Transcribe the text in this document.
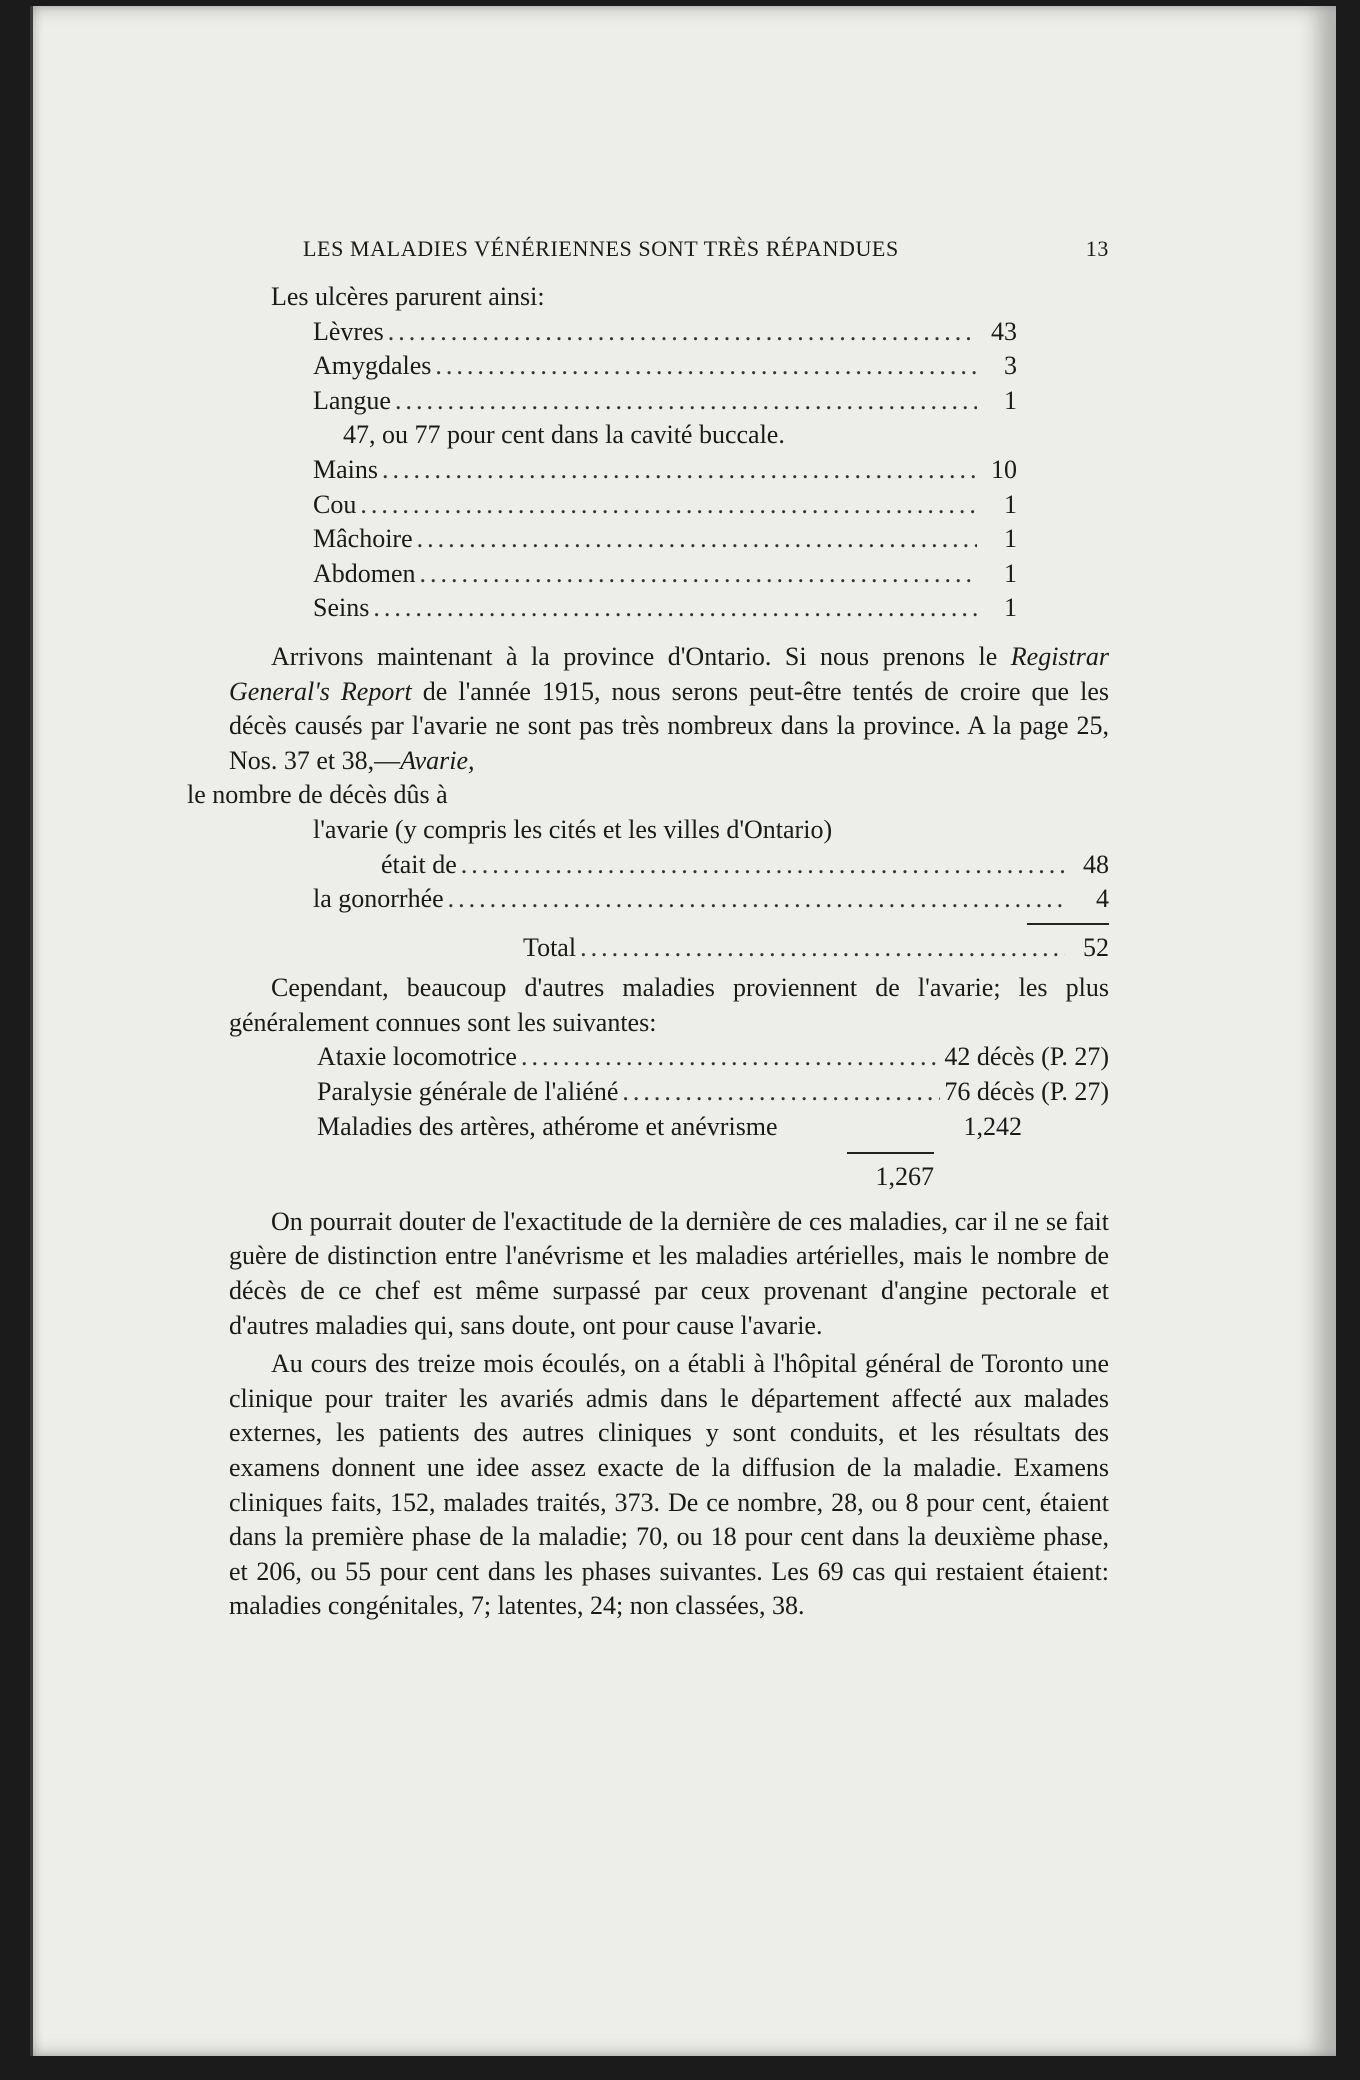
LES MALADIES VÉNÉRIENNES SONT TRÈS RÉPANDUES	13
Les ulcères parurent ainsi:
Lèvres .....	43
Amygdales .....	3
Langue .....	1
47, ou 77 pour cent dans la cavité buccale.
Mains .....	10
Cou .....	1
Mâchoire .....	1
Abdomen .....	1
Seins .....	1

Arrivons maintenant à la province d'Ontario. Si nous prenons le Registrar General's Report de l'année 1915, nous serons peut-être tentés de croire que les décès causés par l'avarie ne sont pas très nombreux dans la province. A la page 25, Nos. 37 et 38,—Avarie,
le nombre de décès dûs à

l'avarie (y compris les cités et les villes d'Ontario)
était de .....	48
la gonorrhée .....	4
Total .....	52

Cependant, beaucoup d'autres maladies proviennent de l'avarie; les plus généralement connues sont les suivantes:

Ataxie locomotrice .....	42 décès (P. 27)
Paralysie générale de l'aliéné .....	76 décès (P. 27)
Maladies des artères, athérome et anévrisme	1,242
1,267

On pourrait douter de l'exactitude de la dernière de ces maladies, car il ne se fait guère de distinction entre l'anévrisme et les maladies artérielles, mais le nombre de décès de ce chef est même surpassé par ceux provenant d'angine pectorale et d'autres maladies qui, sans doute, ont pour cause l'avarie.

Au cours des treize mois écoulés, on a établi à l'hôpital général de Toronto une clinique pour traiter les avariés admis dans le département affecté aux malades externes, les patients des autres cliniques y sont conduits, et les résultats des examens donnent une idee assez exacte de la diffusion de la maladie. Examens cliniques faits, 152, malades traités, 373. De ce nombre, 28, ou 8 pour cent, étaient dans la première phase de la maladie; 70, ou 18 pour cent dans la deuxième phase, et 206, ou 55 pour cent dans les phases suivantes. Les 69 cas qui restaient étaient: maladies congénitales, 7; latentes, 24; non classées, 38.
